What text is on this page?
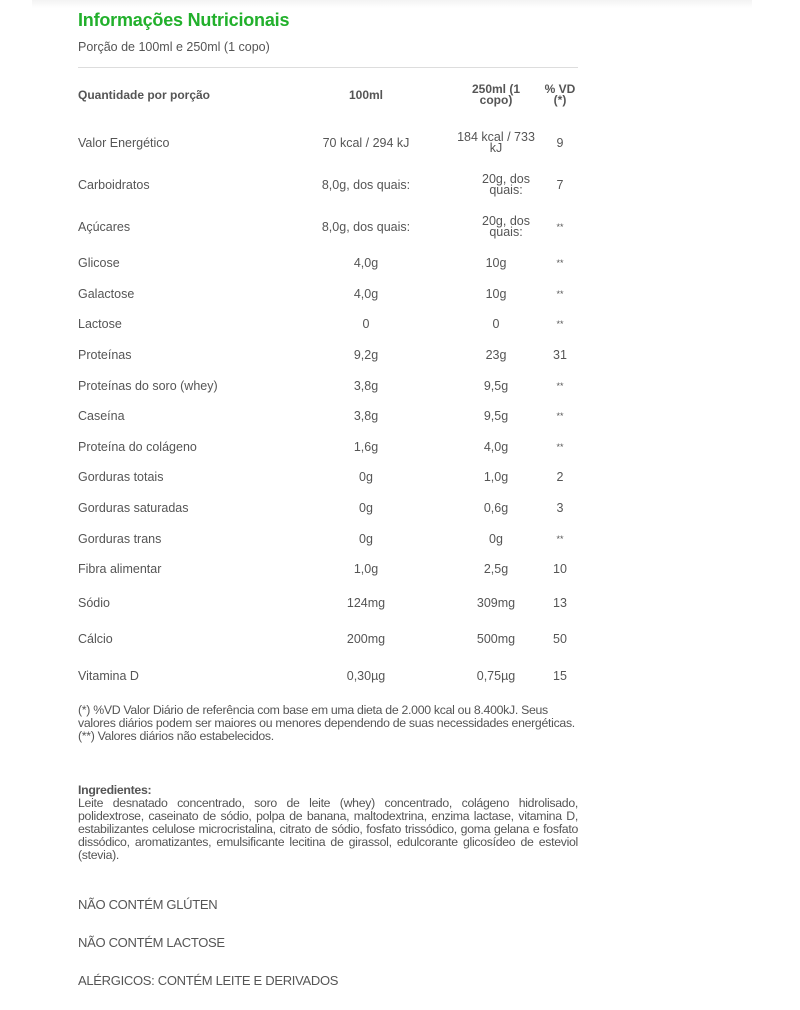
Informações Nutricionais
Porção de 100ml e 250ml (1 copo)
Quantidade por porção	100ml	250ml (1 copo)	% VD (*)
Valor Energético	70 kcal / 294 kJ	184 kcal / 733 kJ	9
Carboidratos	8,0g, dos quais:	20g, dos quais:	7
Açúcares	8,0g, dos quais:	20g, dos quais:	**
Glicose	4,0g	10g	**
Galactose	4,0g	10g	**
Lactose	0	0	**
Proteínas	9,2g	23g	31
Proteínas do soro (whey)	3,8g	9,5g	**
Caseína	3,8g	9,5g	**
Proteína do colágeno	1,6g	4,0g	**
Gorduras totais	0g	1,0g	2
Gorduras saturadas	0g	0,6g	3
Gorduras trans	0g	0g	**
Fibra alimentar	1,0g	2,5g	10
Sódio	124mg	309mg	13
Cálcio	200mg	500mg	50
Vitamina D	0,30µg	0,75µg	15
(*) %VD Valor Diário de referência com base em uma dieta de 2.000 kcal ou 8.400kJ. Seus valores diários podem ser maiores ou menores dependendo de suas necessidades energéticas.
(**) Valores diários não estabelecidos.
Ingredientes:
Leite desnatado concentrado, soro de leite (whey) concentrado, colágeno hidrolisado, polidextrose, caseinato de sódio, polpa de banana, maltodextrina, enzima lactase, vitamina D, estabilizantes celulose microcristalina, citrato de sódio, fosfato trissódico, goma gelana e fosfato dissódico, aromatizantes, emulsificante lecitina de girassol, edulcorante glicosídeo de esteviol (stevia).
NÃO CONTÉM GLÚTEN
NÃO CONTÉM LACTOSE
ALÉRGICOS: CONTÉM LEITE E DERIVADOS
